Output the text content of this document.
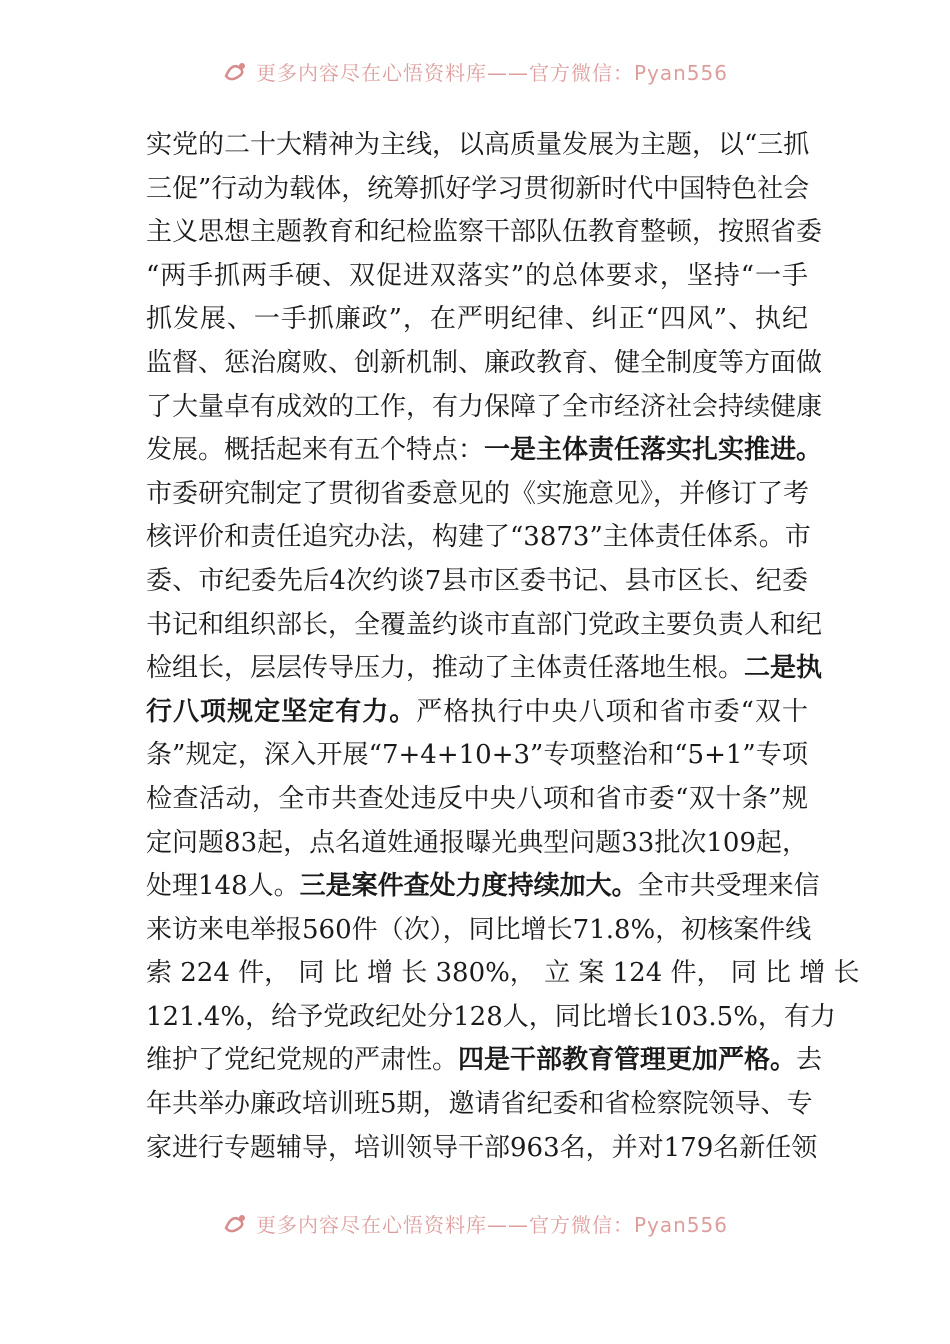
更多内容尽在心悟资料库——官方微信：Pyan556
实党的二十大精神为主线，以高质量发展为主题，以“三抓
三促”行动为载体，统筹抓好学习贯彻新时代中国特色社会
主义思想主题教育和纪检监察干部队伍教育整顿，按照省委
“两手抓两手硬、双促进双落实”的总体要求，坚持“一手
抓发展、一手抓廉政”，在严明纪律、纠正“四风”、执纪
监督、惩治腐败、创新机制、廉政教育、健全制度等方面做
了大量卓有成效的工作，有力保障了全市经济社会持续健康
发展。概括起来有五个特点：一是主体责任落实扎实推进。
市委研究制定了贯彻省委意见的《实施意见》，并修订了考
核评价和责任追究办法，构建了“3873”主体责任体系。市
委、市纪委先后4次约谈7县市区委书记、县市区长、纪委
书记和组织部长，全覆盖约谈市直部门党政主要负责人和纪
检组长，层层传导压力，推动了主体责任落地生根。二是执
行八项规定坚定有力。严格执行中央八项和省市委“双十
条”规定，深入开展“7+4+10+3”专项整治和“5+1”专项
检查活动，全市共查处违反中央八项和省市委“双十条”规
定问题83起，点名道姓通报曝光典型问题33批次109起，
处理148人。三是案件查处力度持续加大。全市共受理来信
来访来电举报560件（次），同比增长71.8%，初核案件线
索 224 件， 同 比 增 长 380%， 立 案 124 件， 同 比 增 长
121.4%，给予党政纪处分128人，同比增长103.5%，有力
维护了党纪党规的严肃性。四是干部教育管理更加严格。去
年共举办廉政培训班5期，邀请省纪委和省检察院领导、专
家进行专题辅导，培训领导干部963名，并对179名新任领
更多内容尽在心悟资料库——官方微信：Pyan556
